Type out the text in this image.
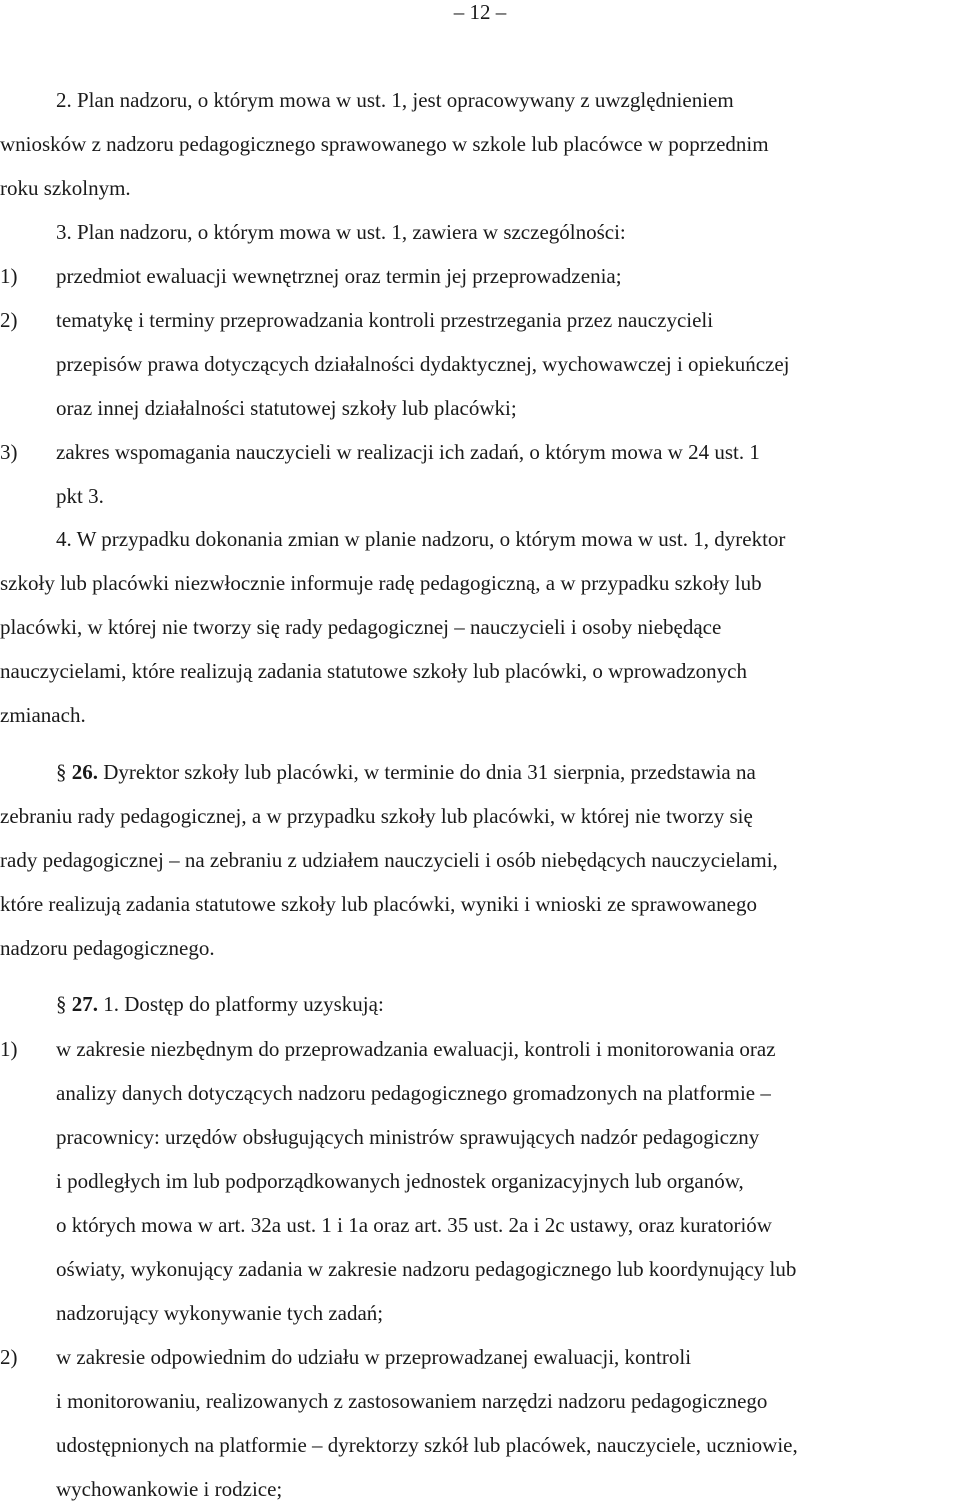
– 12 –
2. Plan nadzoru, o którym mowa w ust. 1, jest opracowywany z uwzględnieniem
wniosków z nadzoru pedagogicznego sprawowanego w szkole lub placówce w poprzednim
roku szkolnym.
3. Plan nadzoru, o którym mowa w ust. 1, zawiera w szczególności:
1) przedmiot ewaluacji wewnętrznej oraz termin jej przeprowadzenia;
2) tematykę i terminy przeprowadzania kontroli przestrzegania przez nauczycieli
przepisów prawa dotyczących działalności dydaktycznej, wychowawczej i opiekuńczej
oraz innej działalności statutowej szkoły lub placówki;
3) zakres wspomagania nauczycieli w realizacji ich zadań, o którym mowa w 24 ust. 1
pkt 3.
4. W przypadku dokonania zmian w planie nadzoru, o którym mowa w ust. 1, dyrektor
szkoły lub placówki niezwłocznie informuje radę pedagogiczną, a w przypadku szkoły lub
placówki, w której nie tworzy się rady pedagogicznej – nauczycieli i osoby niebędące
nauczycielami, które realizują zadania statutowe szkoły lub placówki, o wprowadzonych
zmianach.
§ 26. Dyrektor szkoły lub placówki, w terminie do dnia 31 sierpnia, przedstawia na
zebraniu rady pedagogicznej, a w przypadku szkoły lub placówki, w której nie tworzy się
rady pedagogicznej – na zebraniu z udziałem nauczycieli i osób niebędących nauczycielami,
które realizują zadania statutowe szkoły lub placówki, wyniki i wnioski ze sprawowanego
nadzoru pedagogicznego.
§ 27. 1. Dostęp do platformy uzyskują:
1) w zakresie niezbędnym do przeprowadzania ewaluacji, kontroli i monitorowania oraz
analizy danych dotyczących nadzoru pedagogicznego gromadzonych na platformie –
pracownicy: urzędów obsługujących ministrów sprawujących nadzór pedagogiczny
i podległych im lub podporządkowanych jednostek organizacyjnych lub organów,
o których mowa w art. 32a ust. 1 i 1a oraz art. 35 ust. 2a i 2c ustawy, oraz kuratoriów
oświaty, wykonujący zadania w zakresie nadzoru pedagogicznego lub koordynujący lub
nadzorujący wykonywanie tych zadań;
2) w zakresie odpowiednim do udziału w przeprowadzanej ewaluacji, kontroli
i monitorowaniu, realizowanych z zastosowaniem narzędzi nadzoru pedagogicznego
udostępnionych na platformie – dyrektorzy szkół lub placówek, nauczyciele, uczniowie,
wychowankowie i rodzice;
